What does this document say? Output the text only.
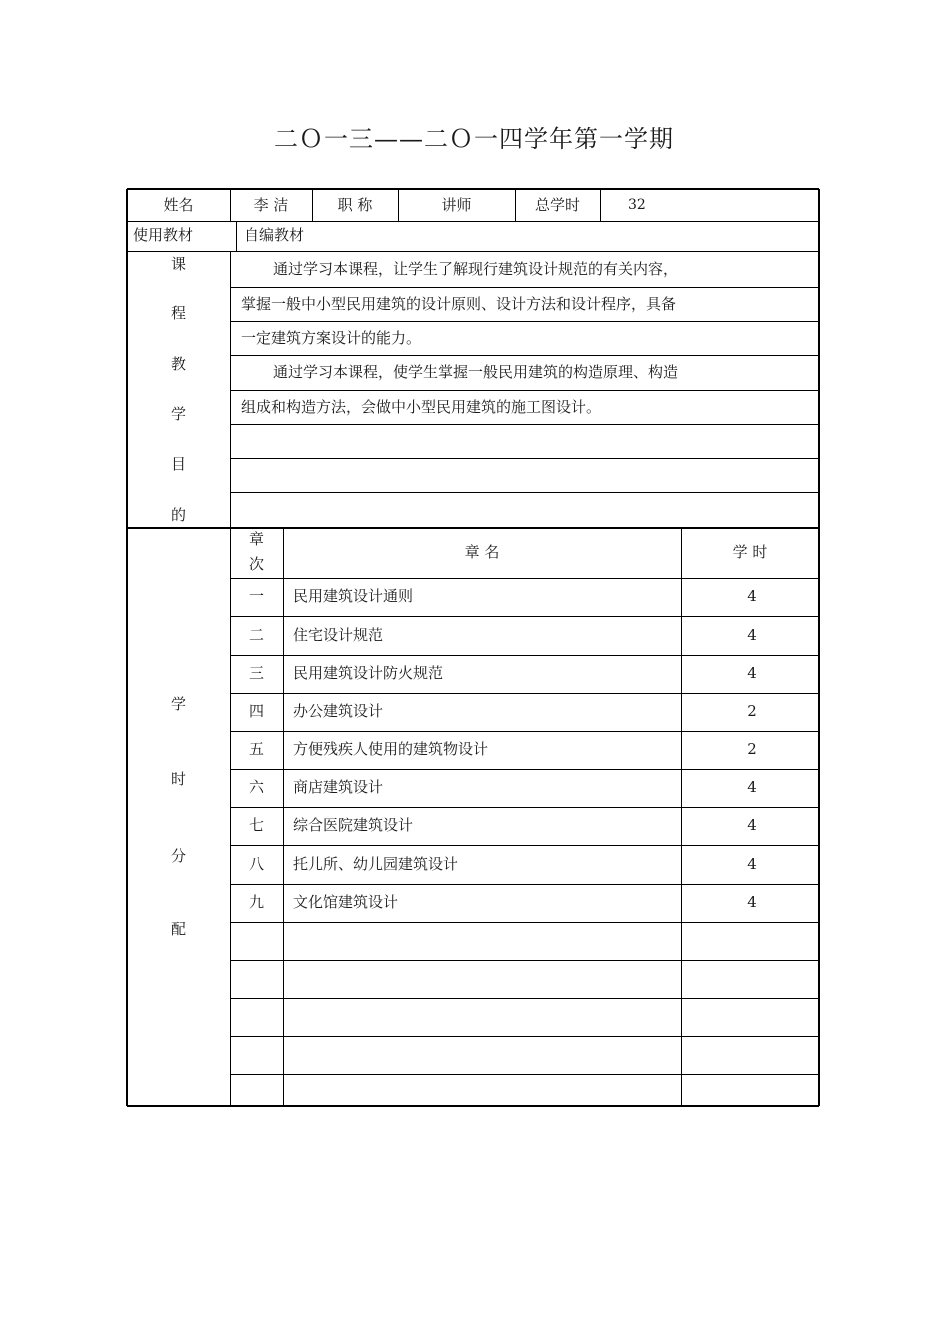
二Ｏ一三——二Ｏ一四学年第一学期
姓名	李 洁	职 称	讲师	总学时	32
使用教材	自编教材
课
程
教
学
目
的
通过学习本课程，让学生了解现行建筑设计规范的有关内容，
掌握一般中小型民用建筑的设计原则、设计方法和设计程序，具备
一定建筑方案设计的能力。
通过学习本课程，使学生掌握一般民用建筑的构造原理、构造
组成和构造方法，会做中小型民用建筑的施工图设计。
章
次
章 名	学 时
一	民用建筑设计通则	4
二	住宅设计规范	4
三	民用建筑设计防火规范	4
四	办公建筑设计	2
五	方便残疾人使用的建筑物设计	2
六	商店建筑设计	4
七	综合医院建筑设计	4
八	托儿所、幼儿园建筑设计	4
九	文化馆建筑设计	4
学
时
分
配
